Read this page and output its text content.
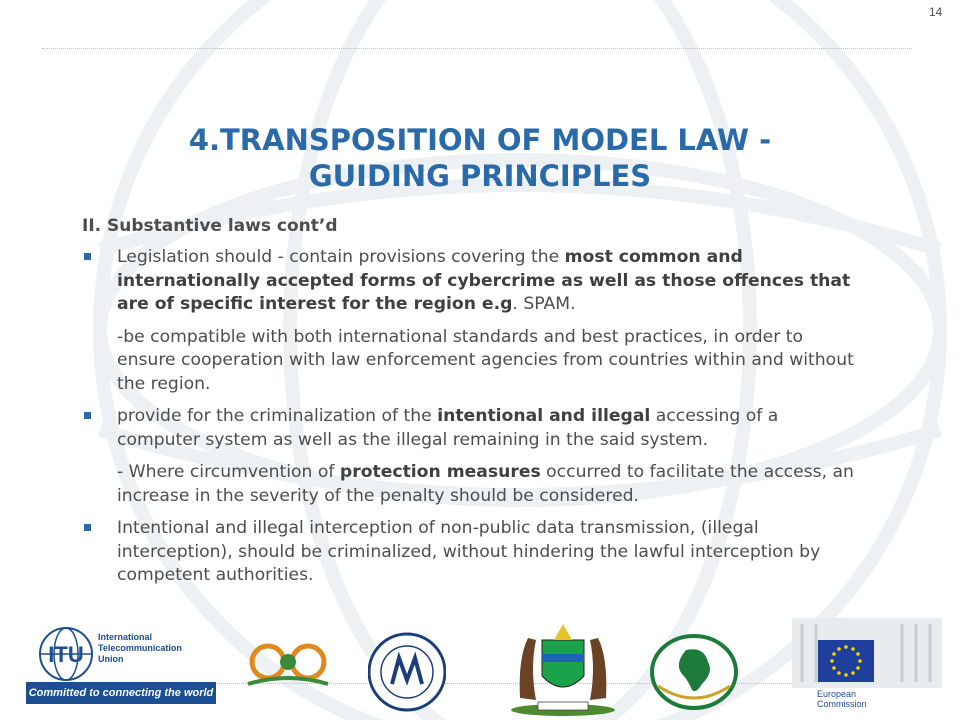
14
4.TRANSPOSITION OF MODEL LAW -
GUIDING PRINCIPLES
II. Substantive laws cont’d

Legislation should - contain provisions covering the most common and internationally accepted forms of cybercrime as well as those offences that are of specific interest for the region e.g. SPAM.

-be compatible with both international standards and best practices, in order to ensure cooperation with law enforcement agencies from countries within and without the region.

provide for the criminalization of the intentional and illegal accessing of a computer system as well as the illegal remaining in the said system.

- Where circumvention of protection measures occurred to facilitate the access, an increase in the severity of the penalty should be considered.

Intentional and illegal interception of non-public data transmission, (illegal interception), should be criminalized, without hindering the lawful interception by competent authorities.

ITU
International
Telecommunication
Union
Committed to connecting the world	European
Commission
